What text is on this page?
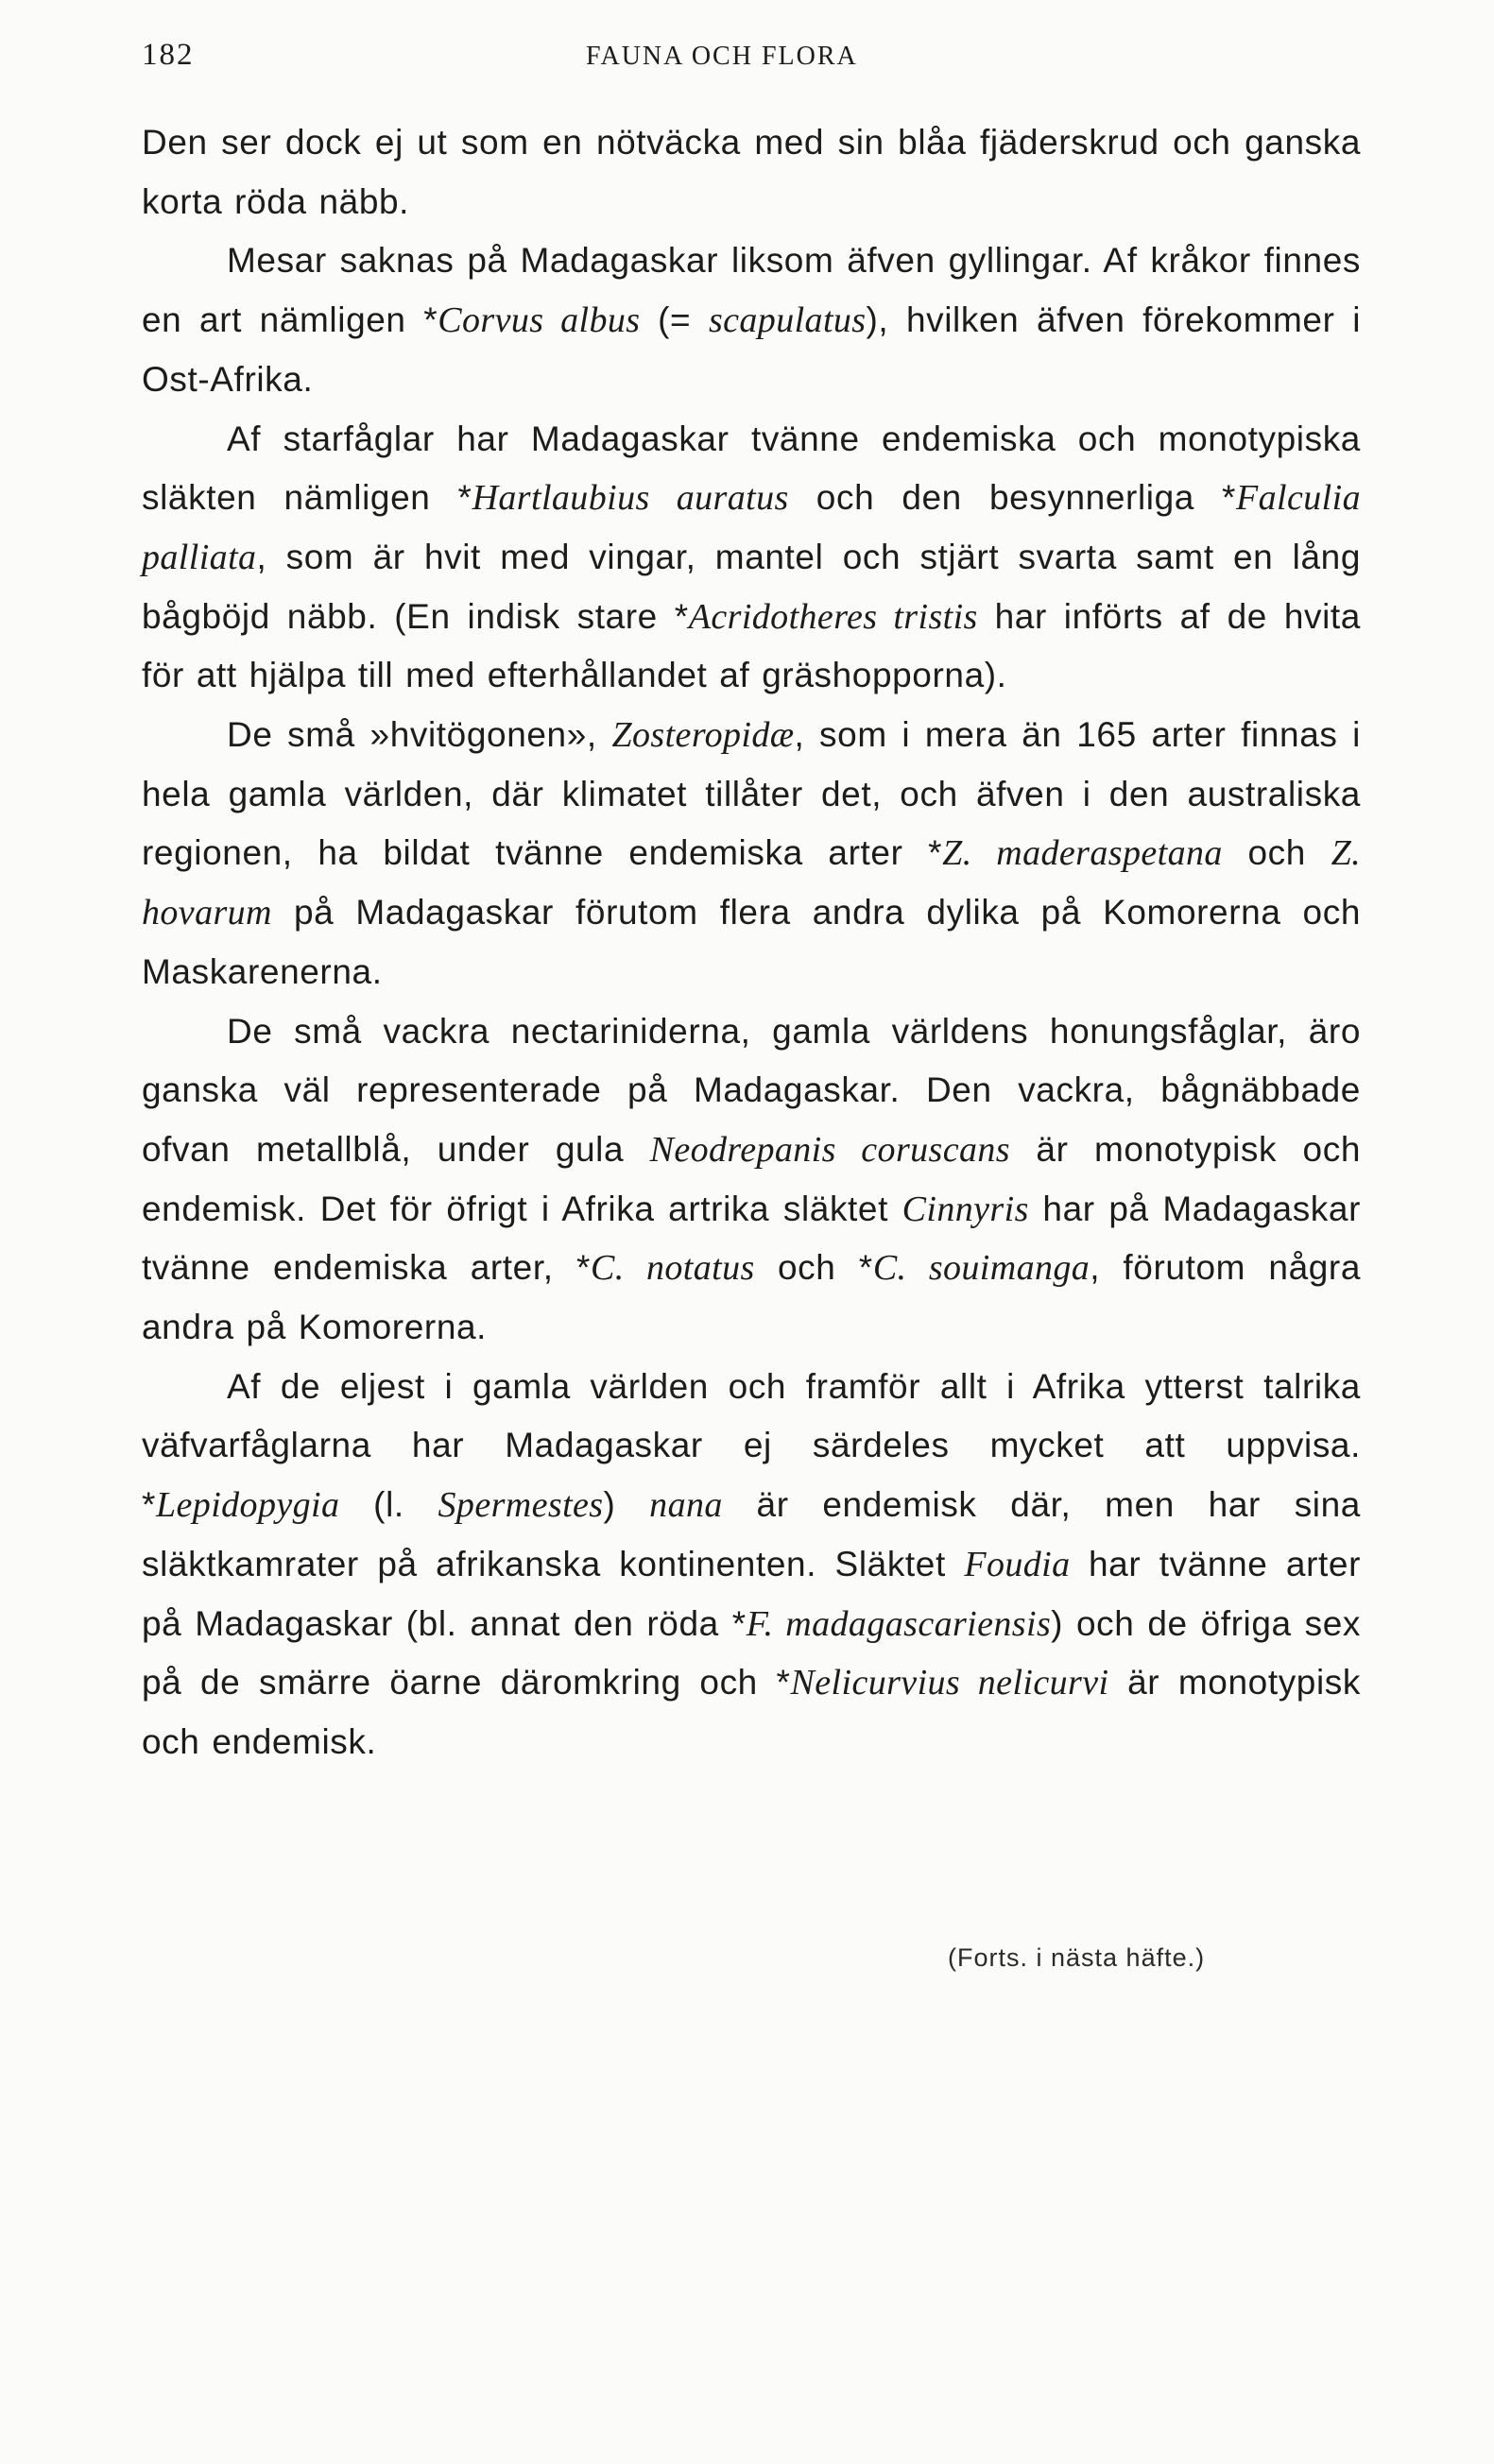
182	FAUNA OCH FLORA

Den ser dock ej ut som en nötväcka med sin blåa fjäderskrud och ganska korta röda näbb.

Mesar saknas på Madagaskar liksom äfven gyllingar. Af kråkor finnes en art nämligen *Corvus albus (= scapulatus), hvilken äfven förekommer i Ost-Afrika.

Af starfåglar har Madagaskar tvänne endemiska och monotypiska släkten nämligen *Hartlaubius auratus och den besynnerliga *Falculia palliata, som är hvit med vingar, mantel och stjärt svarta samt en lång bågböjd näbb. (En indisk stare *Acridotheres tristis har införts af de hvita för att hjälpa till med efterhållandet af gräshopporna).

De små »hvitögonen», Zosteropidæ, som i mera än 165 arter finnas i hela gamla världen, där klimatet tillåter det, och äfven i den australiska regionen, ha bildat tvänne endemiska arter *Z. maderaspetana och Z. hovarum på Madagaskar förutom flera andra dylika på Komorerna och Maskarenerna.

De små vackra nectariniderna, gamla världens honungsfåglar, äro ganska väl representerade på Madagaskar. Den vackra, bågnäbbade ofvan metallblå, under gula Neodrepanis coruscans är monotypisk och endemisk. Det för öfrigt i Afrika artrika släktet Cinnyris har på Madagaskar tvänne endemiska arter, *C. notatus och *C. souimanga, förutom några andra på Komorerna.

Af de eljest i gamla världen och framför allt i Afrika ytterst talrika väfvarfåglarna har Madagaskar ej särdeles mycket att uppvisa. *Lepidopygia (l. Spermestes) nana är endemisk där, men har sina släktkamrater på afrikanska kontinenten. Släktet Foudia har tvänne arter på Madagaskar (bl. annat den röda *F. madagascariensis) och de öfriga sex på de smärre öarne däromkring och *Nelicurvius nelicurvi är monotypisk och endemisk.

(Forts. i nästa häfte.)
